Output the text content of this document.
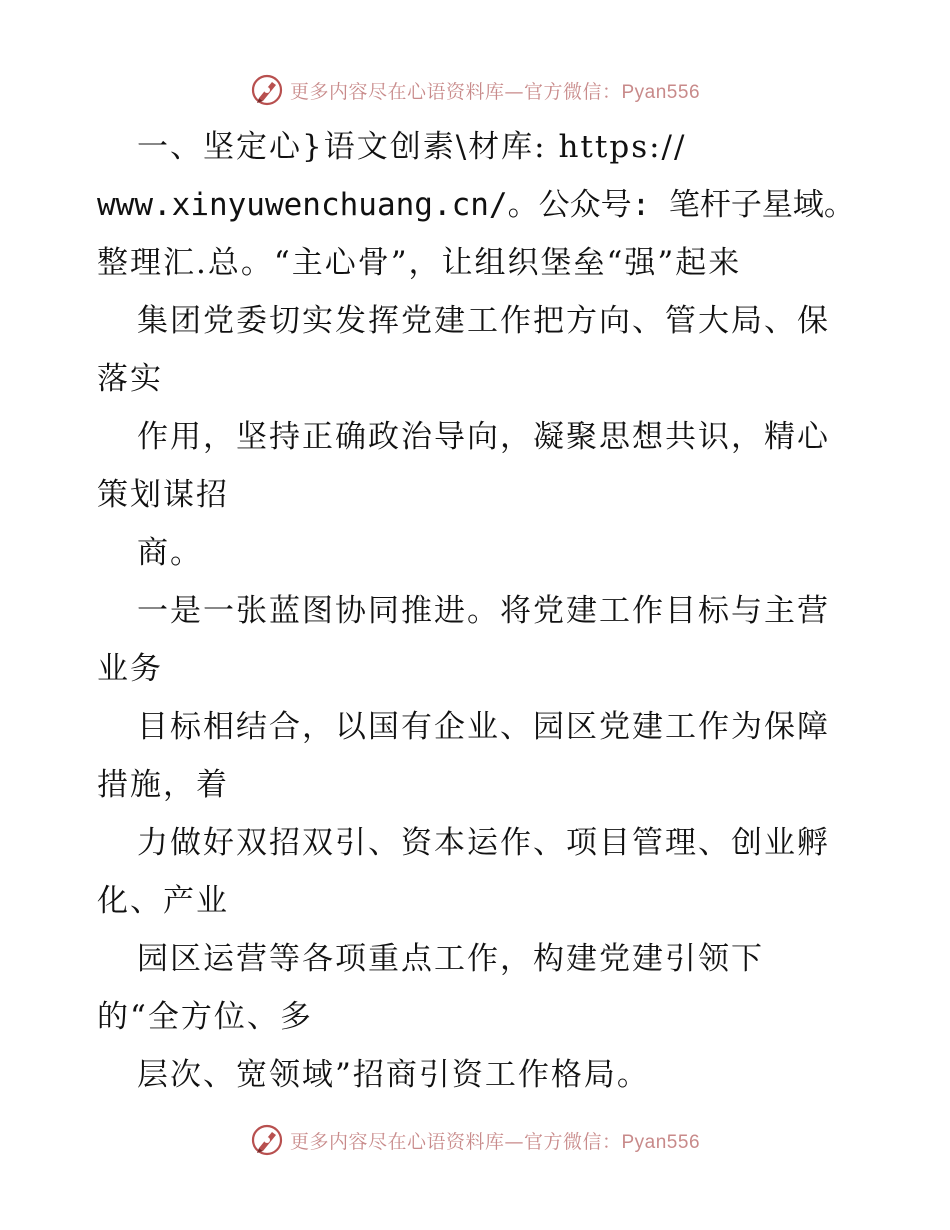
更多内容尽在心语资料库—官方微信：Pyan556
一、坚定心}语文创素\材库: https://
www.xinyuwenchuang.cn/。公众号: 笔杆子星域。
整理汇.总。“主心骨”，让组织堡垒“强”起来
集团党委切实发挥党建工作把方向、管大局、保
落实
作用，坚持正确政治导向，凝聚思想共识，精心
策划谋招
商。
一是一张蓝图协同推进。将党建工作目标与主营
业务
目标相结合，以国有企业、园区党建工作为保障
措施，着
力做好双招双引、资本运作、项目管理、创业孵
化、产业
园区运营等各项重点工作，构建党建引领下
的“全方位、多
层次、宽领域”招商引资工作格局。
更多内容尽在心语资料库—官方微信：Pyan556
